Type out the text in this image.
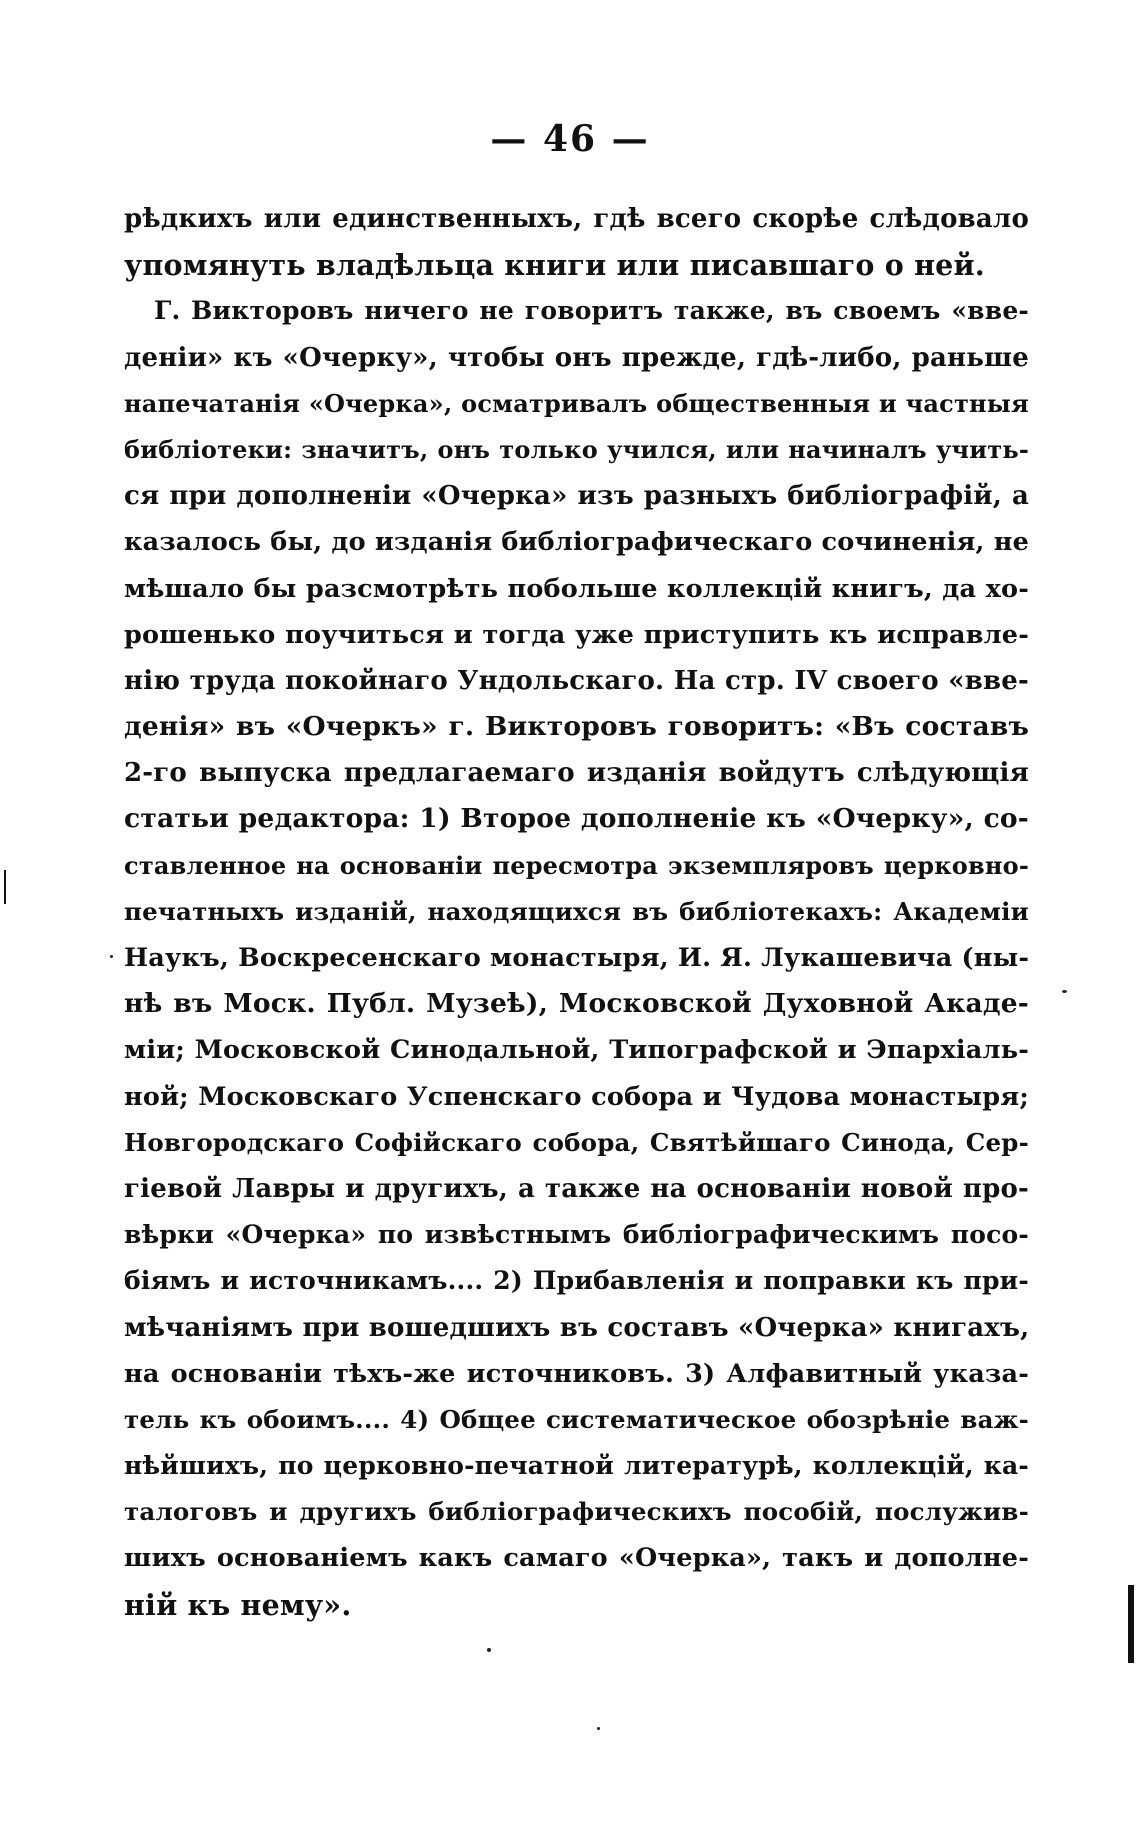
— 46 —
рѣдкихъ или единственныхъ, гдѣ всего скорѣе слѣдовало
упомянуть владѣльца книги или писавшаго о ней.
Г. Викторовъ ничего не говоритъ также, въ своемъ «вве-
деніи» къ «Очерку», чтобы онъ прежде, гдѣ-либо, раньше
напечатанія «Очерка», осматривалъ общественныя и частныя
библіотеки: значитъ, онъ только учился, или начиналъ учить-
ся при дополненіи «Очерка» изъ разныхъ библіографій, а
казалось бы, до изданія библіографическаго сочиненія, не
мѣшало бы разсмотрѣть побольше коллекцій книгъ, да хо-
рошенько поучиться и тогда уже приступить къ исправле-
нію труда покойнаго Ундольскаго. На стр. IV своего «вве-
денія» въ «Очеркъ» г. Викторовъ говоритъ: «Въ составъ
2-го выпуска предлагаемаго изданія войдутъ слѣдующія
статьи редактора: 1) Второе дополненіе къ «Очерку», со-
ставленное на основаніи пересмотра экземпляровъ церковно-
печатныхъ изданій, находящихся въ библіотекахъ: Академіи
Наукъ, Воскресенскаго монастыря, И. Я. Лукашевича (ны-
нѣ въ Моск. Публ. Музеѣ), Московской Духовной Акаде-
міи; Московской Синодальной, Типографской и Эпархіаль-
ной; Московскаго Успенскаго собора и Чудова монастыря;
Новгородскаго Софійскаго собора, Святѣйшаго Синода, Сер-
гіевой Лавры и другихъ, а также на основаніи новой про-
вѣрки «Очерка» по извѣстнымъ библіографическимъ посо-
біямъ и источникамъ.... 2) Прибавленія и поправки къ при-
мѣчаніямъ при вошедшихъ въ составъ «Очерка» книгахъ,
на основаніи тѣхъ-же источниковъ. 3) Алфавитный указа-
тель къ обоимъ.... 4) Общее систематическое обозрѣніе важ-
нѣйшихъ, по церковно-печатной литературѣ, коллекцій, ка-
талоговъ и другихъ библіографическихъ пособій, послужив-
шихъ основаніемъ какъ самаго «Очерка», такъ и дополне-
ній къ нему».
